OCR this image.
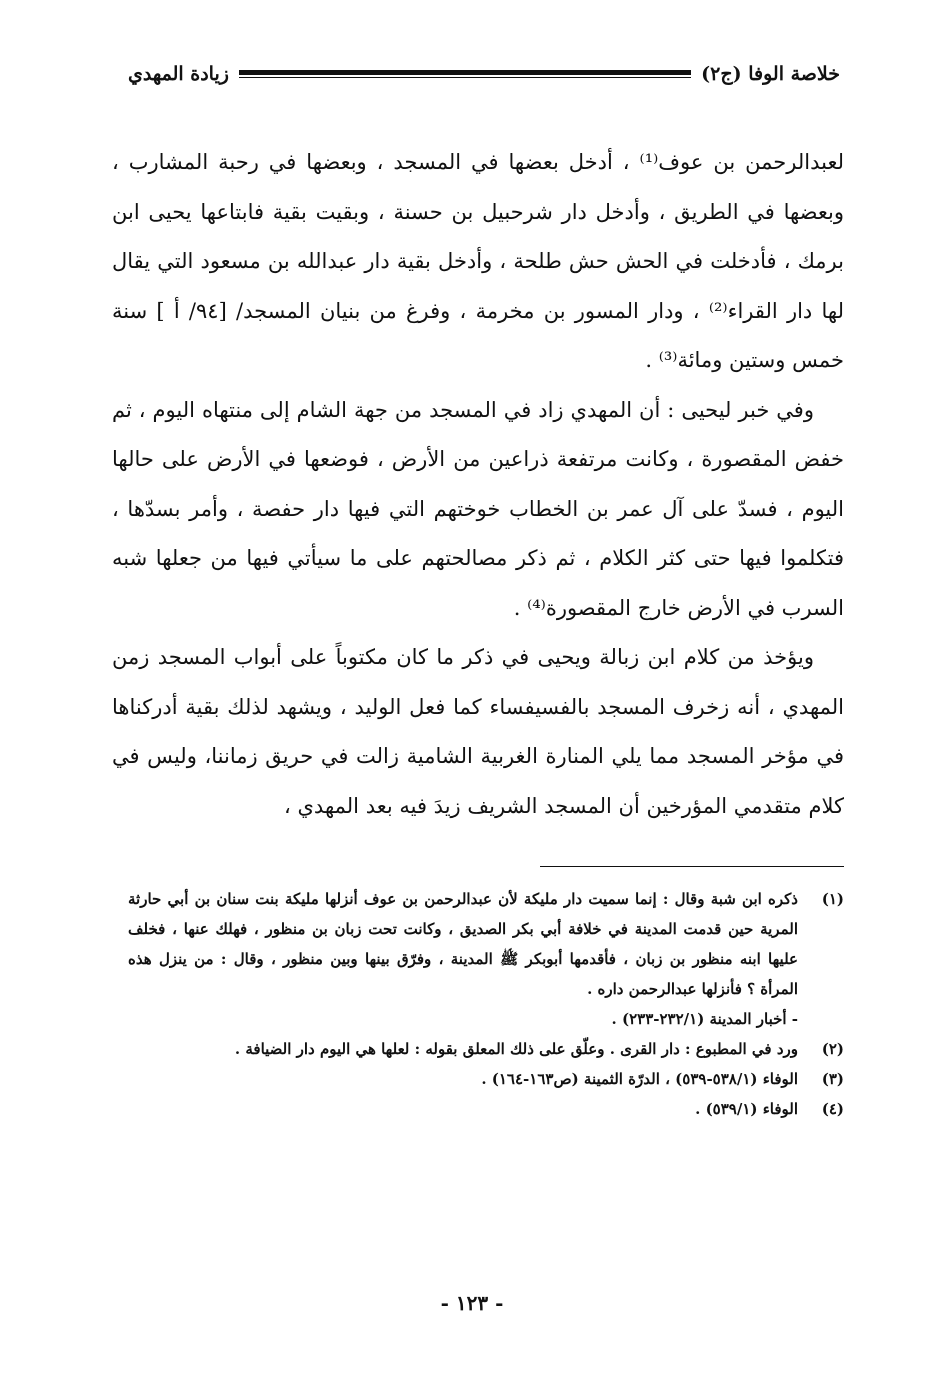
خلاصة الوفا (ج٢)
زيادة المهدي

لعبدالرحمن بن عوف⁽¹⁾ ، أدخل بعضها في المسجد ، وبعضها في رحبة المشارب ، وبعضها في الطريق ، وأدخل دار شرحبيل بن حسنة ، وبقيت بقية فابتاعها يحيى ابن برمك ، فأدخلت في الحش حش طلحة ، وأدخل بقية دار عبدالله بن مسعود التي يقال لها دار القراء⁽²⁾ ، ودار المسور بن مخرمة ، وفرغ من بنيان المسجد/ [٩٤/ أ ] سنة خمس وستين ومائة⁽³⁾ .

وفي خبر ليحيى : أن المهدي زاد في المسجد من جهة الشام إلى منتهاه اليوم ، ثم خفض المقصورة ، وكانت مرتفعة ذراعين من الأرض ، فوضعها في الأرض على حالها اليوم ، فسدّ على آل عمر بن الخطاب خوختهم التي فيها دار حفصة ، وأمر بسدّها ، فتكلموا فيها حتى كثر الكلام ، ثم ذكر مصالحتهم على ما سيأتي فيها من جعلها شبه السرب في الأرض خارج المقصورة⁽⁴⁾ .

ويؤخذ من كلام ابن زبالة ويحيى في ذكر ما كان مكتوباً على أبواب المسجد زمن المهدي ، أنه زخرف المسجد بالفسيفساء كما فعل الوليد ، ويشهد لذلك بقية أدركناها في مؤخر المسجد مما يلي المنارة الغربية الشامية زالت في حريق زماننا، وليس في كلام متقدمي المؤرخين أن المسجد الشريف زيدَ فيه بعد المهدي ،

(١)
ذكره ابن شبة وقال : إنما سميت دار مليكة لأن عبدالرحمن بن عوف أنزلها مليكة بنت سنان بن أبي حارثة المرية حين قدمت المدينة في خلافة أبي بكر الصديق ، وكانت تحت زبان بن منظور ، فهلك عنها ، فخلف عليها ابنه منظور بن زبان ، فأقدمها أبوبكر ﷺ المدينة ، وفرّق بينها وبين منظور ، وقال : من ينزل هذه المرأة ؟ فأنزلها عبدالرحمن داره .
- أخبار المدينة (٢٣٢/١-٢٣٣) .
(٢)
ورد في المطبوع : دار القرى . وعلّق على ذلك المعلق بقوله : لعلها هي اليوم دار الضيافة .
(٣)
الوفاء (٥٣٨/١-٥٣٩) ، الدرّة الثمينة (ص١٦٣-١٦٤) .
(٤)
الوفاء (٥٣٩/١) .
- ١٢٣ -
